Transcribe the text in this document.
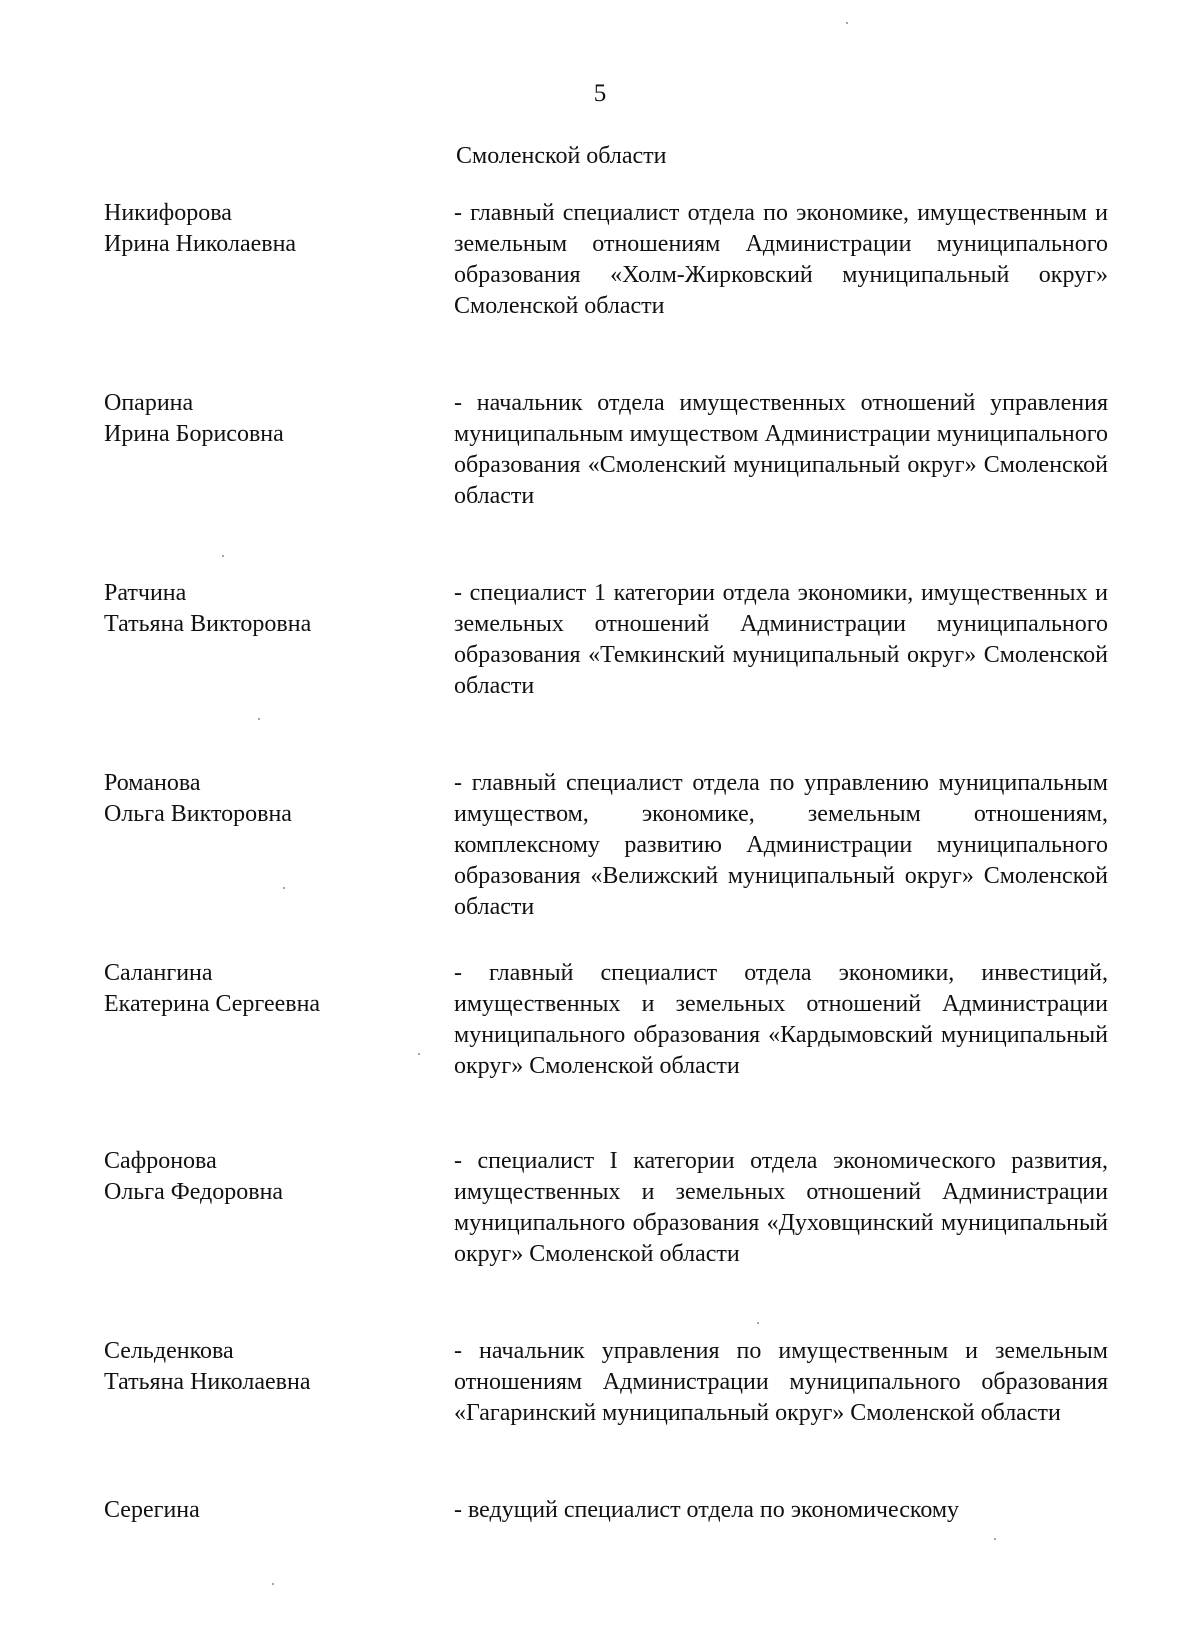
5
Смоленской области
Никифорова
Ирина Николаевна
- главный специалист отдела по экономике, имущественным и земельным отношениям Администрации муниципального образования «Холм-Жирковский муниципальный округ» Смоленской области
Опарина
Ирина Борисовна
- начальник отдела имущественных отношений управления муниципальным имуществом Администрации муниципального образования «Смоленский муниципальный округ» Смоленской области
Ратчина
Татьяна Викторовна
- специалист 1 категории отдела экономики, имущественных и земельных отношений Администрации муниципального образования «Темкинский муниципальный округ» Смоленской области
Романова
Ольга Викторовна
- главный специалист отдела по управлению муниципальным имуществом, экономике, земельным отношениям, комплексному развитию Администрации муниципального образования «Велижский муниципальный округ» Смоленской области
Салангина
Екатерина Сергеевна
- главный специалист отдела экономики, инвестиций, имущественных и земельных отношений Администрации муниципального образования «Кардымовский муниципальный округ» Смоленской области
Сафронова
Ольга Федоровна
- специалист I категории отдела экономического развития, имущественных и земельных отношений Администрации муниципального образования «Духовщинский муниципальный округ» Смоленской области
Сельденкова
Татьяна Николаевна
- начальник управления по имущественным и земельным отношениям Администрации муниципального образования «Гагаринский муниципальный округ» Смоленской области
Серегина	- ведущий специалист отдела по экономическому
